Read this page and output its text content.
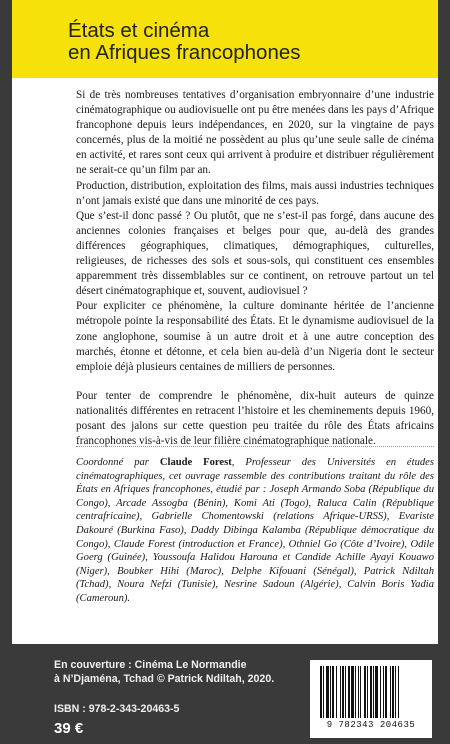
États et cinéma
en Afriques francophones

Si de très nombreuses tentatives d’organisation embryonnaire d’une industrie cinématographique ou audiovisuelle ont pu être menées dans les pays d’Afrique francophone depuis leurs indépendances, en 2020, sur la vingtaine de pays concernés, plus de la moitié ne possèdent au plus qu’une seule salle de cinéma en activité, et rares sont ceux qui arrivent à produire et distribuer régulièrement ne serait-ce qu’un film par an.

Production, distribution, exploitation des films, mais aussi industries techniques n’ont jamais existé que dans une minorité de ces pays.

Que s’est-il donc passé ? Ou plutôt, que ne s’est-il pas forgé, dans aucune des anciennes colonies françaises et belges pour que, au-delà des grandes différences géographiques, climatiques, démographiques, culturelles, religieuses, de richesses des sols et sous-sols, qui constituent ces ensembles apparemment très dissemblables sur ce continent, on retrouve partout un tel désert cinématographique et, souvent, audiovisuel ?

Pour expliciter ce phénomène, la culture dominante héritée de l’ancienne métropole pointe la responsabilité des États. Et le dynamisme audiovisuel de la zone anglophone, soumise à un autre droit et à une autre conception des marchés, étonne et détonne, et cela bien au-delà d’un Nigeria dont le secteur emploie déjà plusieurs centaines de milliers de personnes.

Pour tenter de comprendre le phénomène, dix-huit auteurs de quinze nationalités différentes en retracent l’histoire et les cheminements depuis 1960, posant des jalons sur cette question peu traitée du rôle des États africains francophones vis-à-vis de leur filière cinématographique nationale.

Coordonné par Claude Forest, Professeur des Universités en études cinématographiques, cet ouvrage rassemble des contributions traitant du rôle des États en Afriques francophones, étudié par : Joseph Armando Soba (République du Congo), Arcade Assogba (Bénin), Komi Ati (Togo), Raluca Calin (République centrafricaine), Gabrielle Chomentowski (relations Afrique-URSS), Evariste Dakouré (Burkina Faso), Daddy Dibinga Kalamba (République démocratique du Congo), Claude Forest (introduction et France), Othniel Go (Côte d’Ivoire), Odile Goerg (Guinée), Youssoufa Halidou Harouna et Candide Achille Ayayi Kouawo (Niger), Boubker Hihi (Maroc), Delphe Kifouani (Sénégal), Patrick Ndiltah (Tchad), Noura Nefzi (Tunisie), Nesrine Sadoun (Algérie), Calvin Boris Yadia (Cameroun).
En couverture : Cinéma Le Normandie
à N’Djaména, Tchad © Patrick Ndiltah, 2020.
ISBN : 978-2-343-20463-5
39 €	9 782343 204635
